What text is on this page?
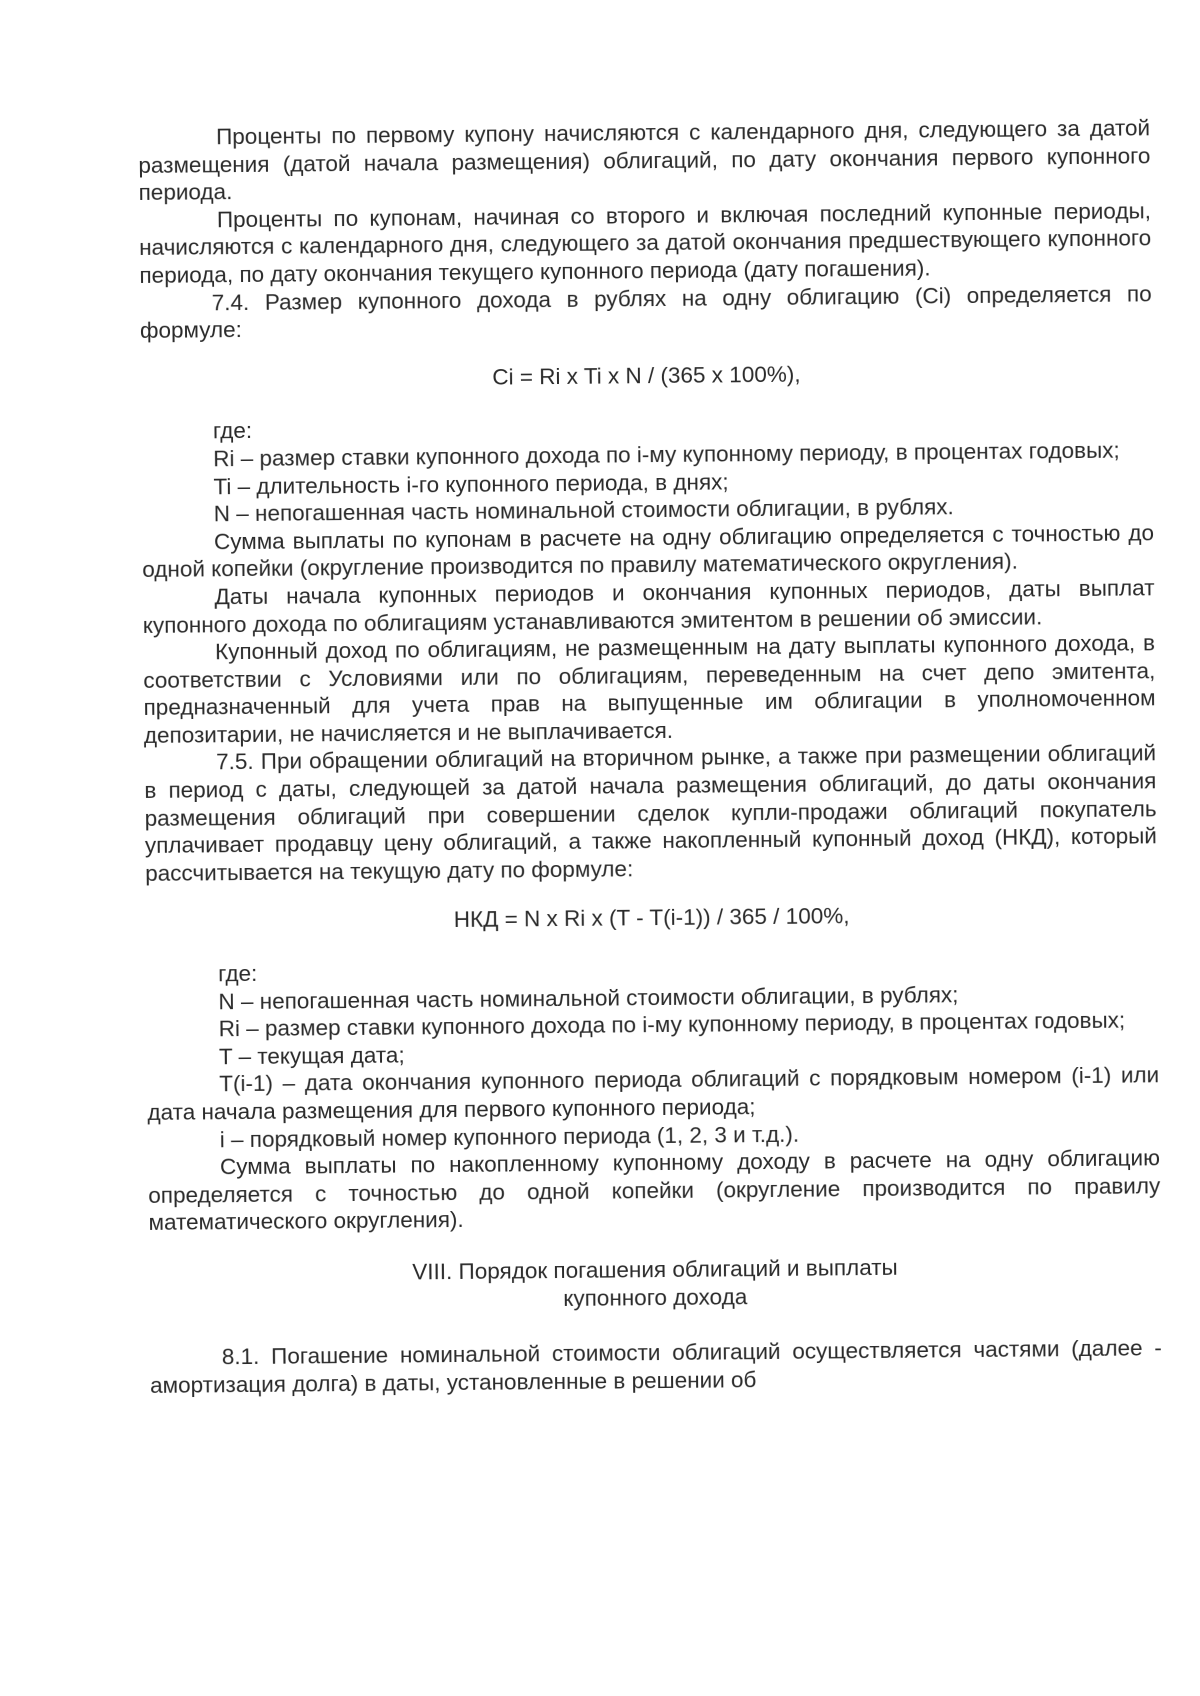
Проценты по первому купону начисляются с календарного дня, следующего за датой размещения (датой начала размещения) облигаций, по дату окончания первого купонного периода.

Проценты по купонам, начиная со второго и включая последний купонные периоды, начисляются с календарного дня, следующего за датой окончания предшествующего купонного периода, по дату окончания текущего купонного периода (дату погашения).

7.4. Размер купонного дохода в рублях на одну облигацию (Ci) определяется по формуле:

Ci = Ri x Ti x N / (365 x 100%),

где:

Ri – размер ставки купонного дохода по i-му купонному периоду, в процентах годовых;

Ti – длительность i-го купонного периода, в днях;

N – непогашенная часть номинальной стоимости облигации, в рублях.

Сумма выплаты по купонам в расчете на одну облигацию определяется с точностью до одной копейки (округление производится по правилу математического округления).

Даты начала купонных периодов и окончания купонных периодов, даты выплат купонного дохода по облигациям устанавливаются эмитентом в решении об эмиссии.

Купонный доход по облигациям, не размещенным на дату выплаты купонного дохода, в соответствии с Условиями или по облигациям, переведенным на счет депо эмитента, предназначенный для учета прав на выпущенные им облигации в уполномоченном депозитарии, не начисляется и не выплачивается.

7.5. При обращении облигаций на вторичном рынке, а также при размещении облигаций в период с даты, следующей за датой начала размещения облигаций, до даты окончания размещения облигаций при совершении сделок купли-продажи облигаций покупатель уплачивает продавцу цену облигаций, а также накопленный купонный доход (НКД), который рассчитывается на текущую дату по формуле:

НКД = N x Ri x (T - T(i-1)) / 365 / 100%,

где:

N – непогашенная часть номинальной стоимости облигации, в рублях;

Ri – размер ставки купонного дохода по i-му купонному периоду, в процентах годовых;

T – текущая дата;

T(i-1) – дата окончания купонного периода облигаций с порядковым номером (i-1) или дата начала размещения для первого купонного периода;

i – порядковый номер купонного периода (1, 2, 3 и т.д.).

Сумма выплаты по накопленному купонному доходу в расчете на одну облигацию определяется с точностью до одной копейки (округление производится по правилу математического округления).

VIII. Порядок погашения облигаций и выплаты
купонного дохода

8.1. Погашение номинальной стоимости облигаций осуществляется частями (далее - амортизация долга) в даты, установленные в решении об
